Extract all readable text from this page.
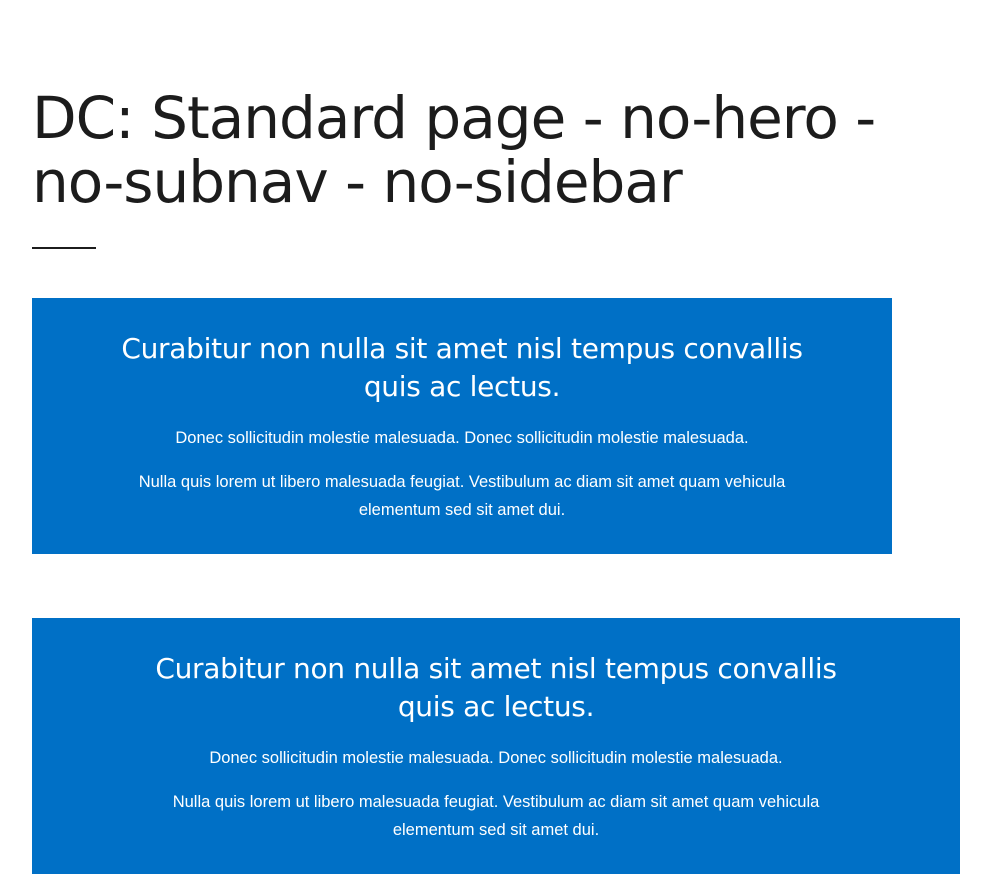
DC: Standard page - no-hero - no-subnav - no-sidebar
Curabitur non nulla sit amet nisl tempus convallis quis ac lectus.

Donec sollicitudin molestie malesuada. Donec sollicitudin molestie malesuada.

Nulla quis lorem ut libero malesuada feugiat. Vestibulum ac diam sit amet quam vehicula elementum sed sit amet dui.

Curabitur non nulla sit amet nisl tempus convallis quis ac lectus.

Donec sollicitudin molestie malesuada. Donec sollicitudin molestie malesuada.

Nulla quis lorem ut libero malesuada feugiat. Vestibulum ac diam sit amet quam vehicula elementum sed sit amet dui.
